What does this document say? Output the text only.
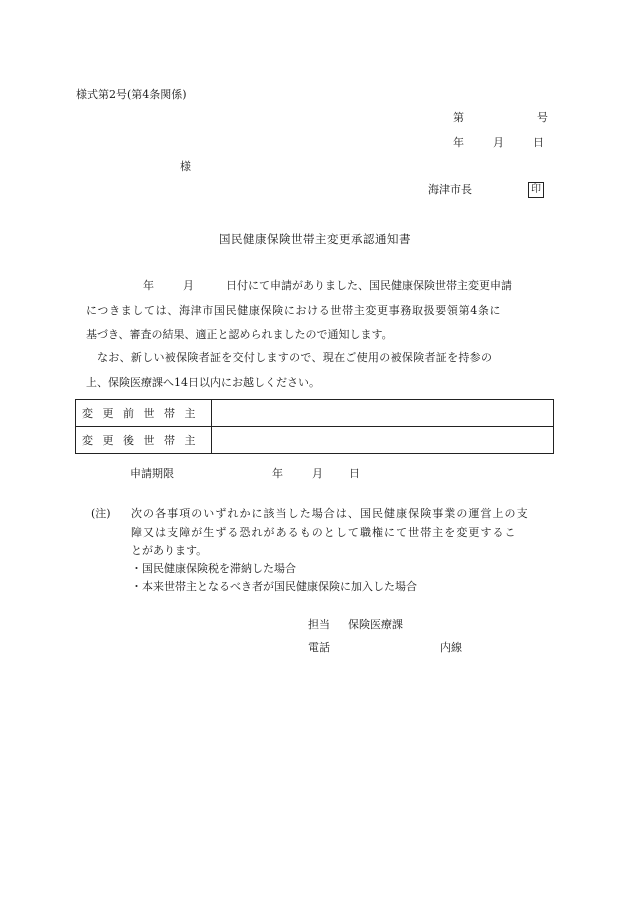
様式第2号(第4条関係)
第	号
年	月	日
様
海津市長	印
国民健康保険世帯主変更承認通知書
年	月	日付にて申請がありました、国民健康保険世帯主変更申請
につきましては、海津市国民健康保険における世帯主変更事務取扱要領第4条に
基づき、審査の結果、適正と認められましたので通知します。
なお、新しい被保険者証を交付しますので、現在ご使用の被保険者証を持参の
上、保険医療課へ14日以内にお越しください。
変更前世帯主	
変更後世帯主	
申請期限	年	月 日
(注) 次の各事項のいずれかに該当した場合は、国民健康保険事業の運営上の支
障又は支障が生ずる恐れがあるものとして職権にて世帯主を変更するこ
とがあります。
・国民健康保険税を滞納した場合
・本来世帯主となるべき者が国民健康保険に加入した場合
担当 保険医療課
電話	内線
